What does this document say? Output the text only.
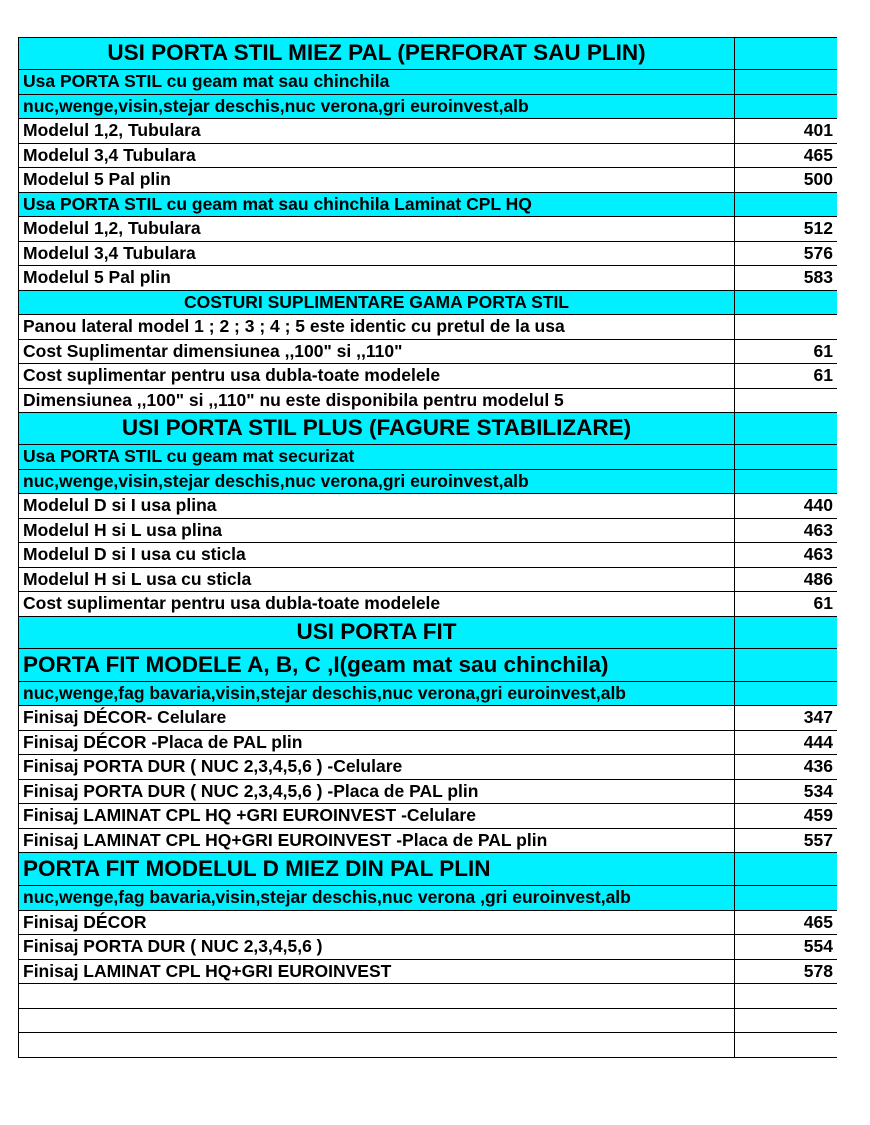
USI PORTA STIL MIEZ PAL (PERFORAT SAU PLIN)
Usa PORTA STIL cu geam mat sau chinchila
nuc,wenge,visin,stejar deschis,nuc verona,gri euroinvest,alb
Modelul 1,2, Tubulara	401
Modelul 3,4 Tubulara	465
Modelul 5 Pal plin	500
Usa PORTA STIL cu geam mat sau chinchila Laminat CPL HQ
Modelul 1,2, Tubulara	512
Modelul 3,4 Tubulara	576
Modelul 5 Pal plin	583
COSTURI SUPLIMENTARE GAMA PORTA STIL
Panou lateral model 1 ; 2 ; 3 ; 4 ; 5 este identic cu pretul de la usa
Cost Suplimentar dimensiunea ,,100" si ,,110"	61
Cost suplimentar pentru usa dubla-toate modelele	61
Dimensiunea ,,100" si ,,110" nu este disponibila pentru modelul 5
USI PORTA STIL PLUS (FAGURE STABILIZARE)
Usa PORTA STIL cu geam mat securizat
nuc,wenge,visin,stejar deschis,nuc verona,gri euroinvest,alb
Modelul D si I usa plina	440
Modelul H si L usa plina	463
Modelul D si I usa cu sticla	463
Modelul H si L usa cu sticla	486
Cost suplimentar pentru usa dubla-toate modelele	61
USI PORTA FIT
PORTA FIT MODELE A, B, C ,I(geam mat sau chinchila)
nuc,wenge,fag bavaria,visin,stejar deschis,nuc verona,gri euroinvest,alb
Finisaj DÉCOR- Celulare	347
Finisaj DÉCOR -Placa de PAL plin	444
Finisaj PORTA DUR ( NUC 2,3,4,5,6 ) -Celulare	436
Finisaj PORTA DUR ( NUC 2,3,4,5,6 ) -Placa de PAL plin	534
Finisaj LAMINAT CPL HQ +GRI EUROINVEST -Celulare	459
Finisaj LAMINAT CPL HQ+GRI EUROINVEST -Placa de PAL plin	557
PORTA FIT MODELUL D MIEZ DIN PAL PLIN
nuc,wenge,fag bavaria,visin,stejar deschis,nuc verona ,gri euroinvest,alb
Finisaj DÉCOR	465
Finisaj PORTA DUR ( NUC 2,3,4,5,6 )	554
Finisaj LAMINAT CPL HQ+GRI EUROINVEST	578
